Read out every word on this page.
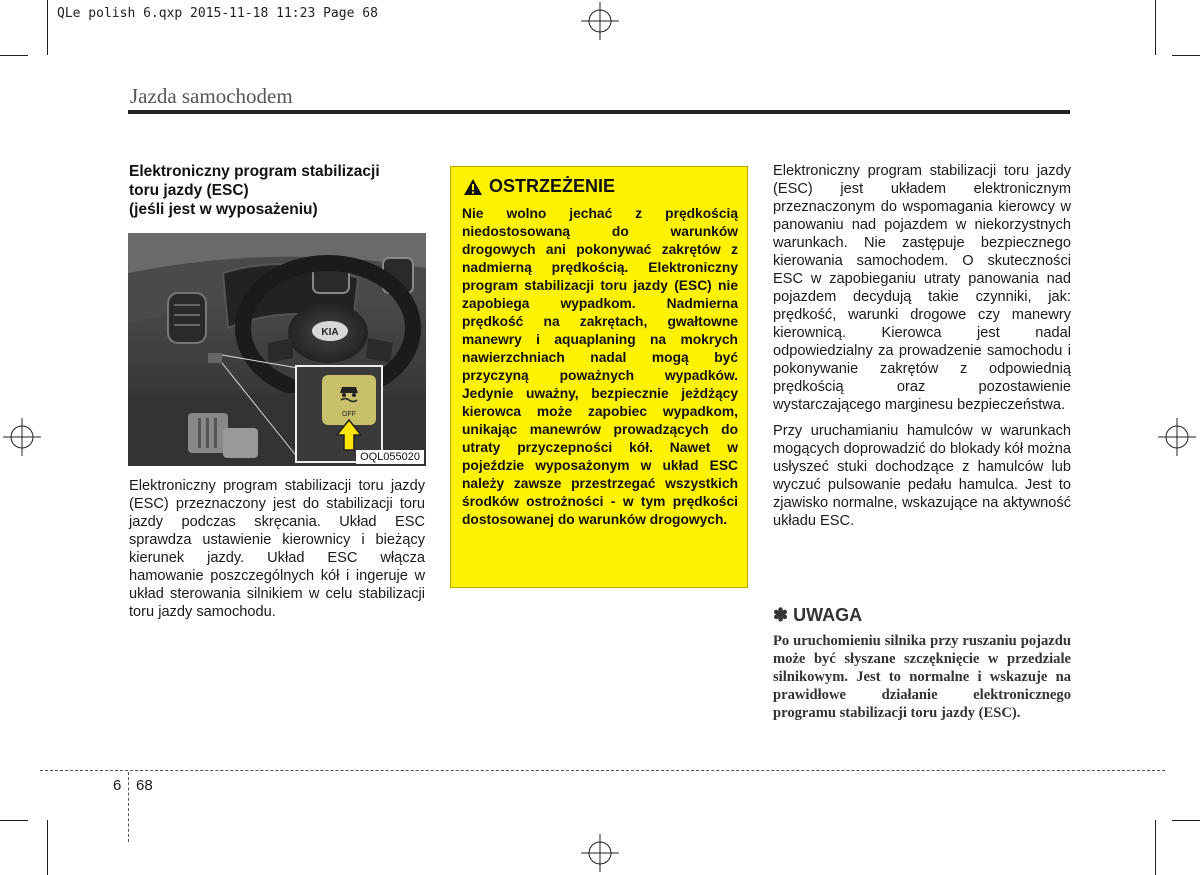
QLe polish 6.qxp 2015-11-18 11:23 Page 68
Jazda samochodem
Elektroniczny program stabilizacji
toru jazdy (ESC)
(jeśli jest w wyposażeniu)
KIA
OFF
OQL055020
Elektroniczny program stabilizacji toru jazdy (ESC) przeznaczony jest do stabilizacji toru jazdy podczas skręcania. Układ ESC sprawdza ustawienie kierownicy i bieżący kierunek jazdy. Układ ESC włącza hamowanie poszczególnych kół i ingeruje w układ sterowania silnikiem w celu stabilizacji toru jazdy samochodu.
OSTRZEŻENIE
Nie wolno jechać z prędkością niedostosowaną do warunków drogowych ani pokonywać zakrętów z nadmierną prędkością. Elektroniczny program stabilizacji toru jazdy (ESC) nie zapobiega wypadkom. Nadmierna prędkość na zakrętach, gwałtowne manewry i aquaplaning na mokrych nawierzchniach nadal mogą być przyczyną poważnych wypadków. Jedynie uważny, bezpiecznie jeżdżący kierowca może zapobiec wypadkom, unikając manewrów prowadzących do utraty przyczepności kół. Nawet w pojeździe wyposażonym w układ ESC należy zawsze przestrzegać wszystkich środków ostrożności - w tym prędkości dostosowanej do warunków drogowych.

Elektroniczny program stabilizacji toru jazdy (ESC) jest układem elektronicznym przeznaczonym do wspomagania kierowcy w panowaniu nad pojazdem w niekorzystnych warunkach. Nie zastępuje bezpiecznego kierowania samochodem. O skuteczności ESC w zapobieganiu utraty panowania nad pojazdem decydują takie czynniki, jak: prędkość, warunki drogowe czy manewry kierownicą. Kierowca jest nadal odpowiedzialny za prowadzenie samochodu i pokonywanie zakrętów z odpowiednią prędkością oraz pozostawienie wystarczającego marginesu bezpieczeństwa.

Przy uruchamianiu hamulców w warunkach mogących doprowadzić do blokady kół można usłyszeć stuki dochodzące z hamulców lub wyczuć pulsowanie pedału hamulca. Jest to zjawisko normalne, wskazujące na aktywność układu ESC.

✽ UWAGA
Po uruchomieniu silnika przy ruszaniu pojazdu może być słyszane szczęknięcie w przedziale silnikowym. Jest to normalne i wskazuje na prawidłowe działanie elektronicznego programu stabilizacji toru jazdy (ESC).
6 68
